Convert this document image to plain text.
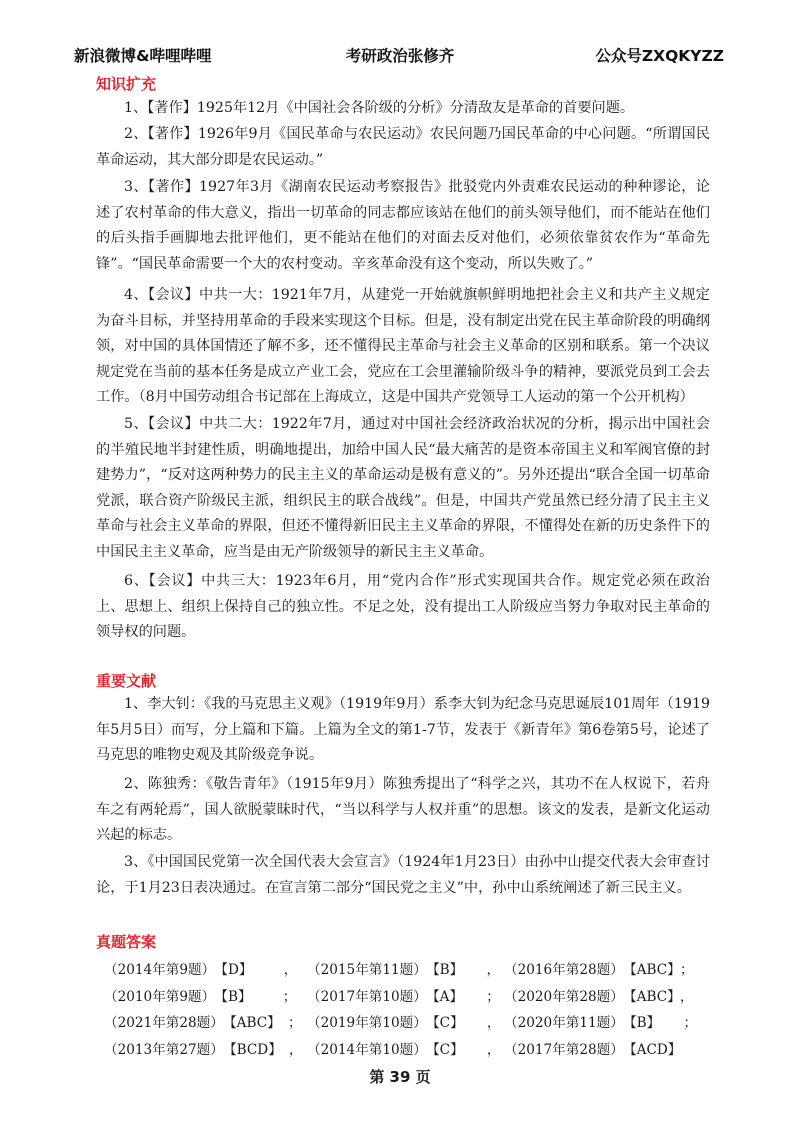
新浪微博&哔哩哔哩	考研政治张修齐	公众号ZXQKYZZ
知识扩充

1、【著作】1925年12月《中国社会各阶级的分析》分清敌友是革命的首要问题。

2、【著作】1926年9月《国民革命与农民运动》农民问题乃国民革命的中心问题。“所谓国民革命运动，其大部分即是农民运动。”

3、【著作】1927年3月《湖南农民运动考察报告》批驳党内外责难农民运动的种种谬论，论述了农村革命的伟大意义，指出一切革命的同志都应该站在他们的前头领导他们，而不能站在他们的后头指手画脚地去批评他们，更不能站在他们的对面去反对他们，必须依靠贫农作为“革命先锋”。“国民革命需要一个大的农村变动。辛亥革命没有这个变动，所以失败了。”

4、【会议】中共一大：1921年7月，从建党一开始就旗帜鲜明地把社会主义和共产主义规定为奋斗目标，并坚持用革命的手段来实现这个目标。但是，没有制定出党在民主革命阶段的明确纲领，对中国的具体国情还了解不多，还不懂得民主革命与社会主义革命的区别和联系。第一个决议规定党在当前的基本任务是成立产业工会，党应在工会里灌输阶级斗争的精神，要派党员到工会去工作。（8月中国劳动组合书记部在上海成立，这是中国共产党领导工人运动的第一个公开机构）

5、【会议】中共二大：1922年7月，通过对中国社会经济政治状况的分析，揭示出中国社会的半殖民地半封建性质，明确地提出，加给中国人民“最大痛苦的是资本帝国主义和军阀官僚的封建势力”，“反对这两种势力的民主主义的革命运动是极有意义的”。另外还提出“联合全国一切革命党派，联合资产阶级民主派，组织民主的联合战线”。但是，中国共产党虽然已经分清了民主主义革命与社会主义革命的界限，但还不懂得新旧民主主义革命的界限，不懂得处在新的历史条件下的中国民主主义革命，应当是由无产阶级领导的新民主主义革命。

6、【会议】中共三大：1923年6月，用“党内合作”形式实现国共合作。规定党必须在政治上、思想上、组织上保持自己的独立性。不足之处，没有提出工人阶级应当努力争取对民主革命的领导权的问题。

重要文献

1、李大钊：《我的马克思主义观》（1919年9月）系李大钊为纪念马克思诞辰101周年（1919年5月5日）而写，分上篇和下篇。上篇为全文的第1-7节，发表于《新青年》第6卷第5号，论述了马克思的唯物史观及其阶级竞争说。

2、陈独秀：《敬告青年》（1915年9月）陈独秀提出了“科学之兴，其功不在人权说下，若舟车之有两轮焉”，国人欲脱蒙昧时代，“当以科学与人权并重”的思想。该文的发表，是新文化运动兴起的标志。

3、《中国国民党第一次全国代表大会宣言》（1924年1月23日）由孙中山提交代表大会审查讨论，于1月23日表决通过。在宣言第二部分“国民党之主义”中，孙中山系统阐述了新三民主义。

真题答案
（2014年第9题） 【D】	， （2015年第11题） 【B】 ， （2016年第28题） 【ABC】 ；
（2010年第9题） 【B】	； （2017年第10题） 【A】 ； （2020年第28题） 【ABC】 ，
（2021年第28题） 【ABC】 ； （2019年第10题） 【C】 ， （2020年第11题） 【B】 ；
（2013年第27题） 【BCD】 ， （2014年第10题） 【C】 ， （2017年第28题） 【ACD】
第 39 页
